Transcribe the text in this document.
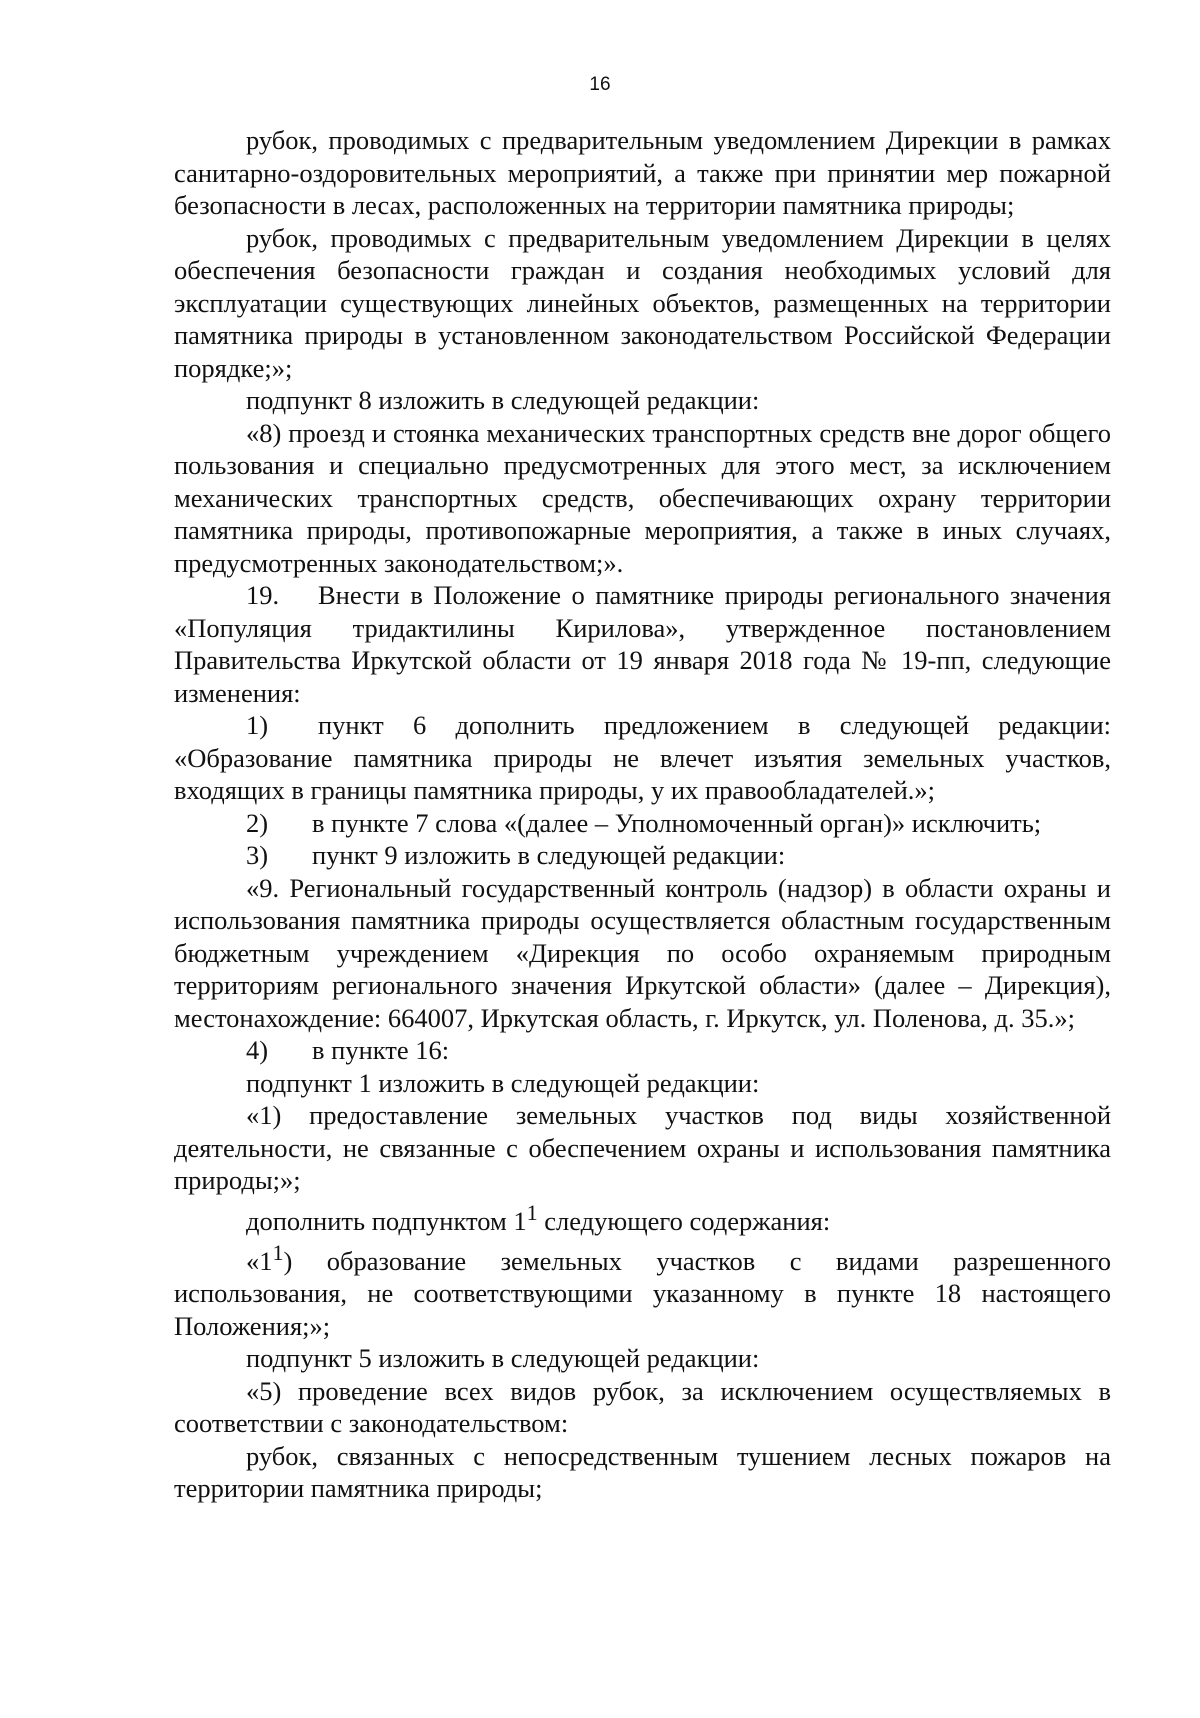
16

рубок, проводимых с предварительным уведомлением Дирекции в рамках санитарно-оздоровительных мероприятий, а также при принятии мер пожарной безопасности в лесах, расположенных на территории памятника природы;

рубок, проводимых с предварительным уведомлением Дирекции в целях обеспечения безопасности граждан и создания необходимых условий для эксплуатации существующих линейных объектов, размещенных на территории памятника природы в установленном законодательством Российской Федерации порядке;»;

подпункт 8 изложить в следующей редакции:

«8) проезд и стоянка механических транспортных средств вне дорог общего пользования и специально предусмотренных для этого мест, за исключением механических транспортных средств, обеспечивающих охрану территории памятника природы, противопожарные мероприятия, а также в иных случаях, предусмотренных законодательством;».

19. Внести в Положение о памятнике природы регионального значения «Популяция тридактилины Кирилова», утвержденное постановлением Правительства Иркутской области от 19 января 2018 года № 19-пп, следующие изменения:

1) пункт 6 дополнить предложением в следующей редакции: «Образование памятника природы не влечет изъятия земельных участков, входящих в границы памятника природы, у их правообладателей.»;

2) в пункте 7 слова «(далее – Уполномоченный орган)» исключить;

3) пункт 9 изложить в следующей редакции:

«9. Региональный государственный контроль (надзор) в области охраны и использования памятника природы осуществляется областным государственным бюджетным учреждением «Дирекция по особо охраняемым природным территориям регионального значения Иркутской области» (далее – Дирекция), местонахождение: 664007, Иркутская область, г. Иркутск, ул. Поленова, д. 35.»;

4) в пункте 16:

подпункт 1 изложить в следующей редакции:

«1) предоставление земельных участков под виды хозяйственной деятельности, не связанные с обеспечением охраны и использования памятника природы;»;

дополнить подпунктом $1^1$ следующего содержания:

«$1^1$) образование земельных участков с видами разрешенного использования, не соответствующими указанному в пункте 18 настоящего Положения;»;

подпункт 5 изложить в следующей редакции:

«5) проведение всех видов рубок, за исключением осуществляемых в соответствии с законодательством:

рубок, связанных с непосредственным тушением лесных пожаров на территории памятника природы;
